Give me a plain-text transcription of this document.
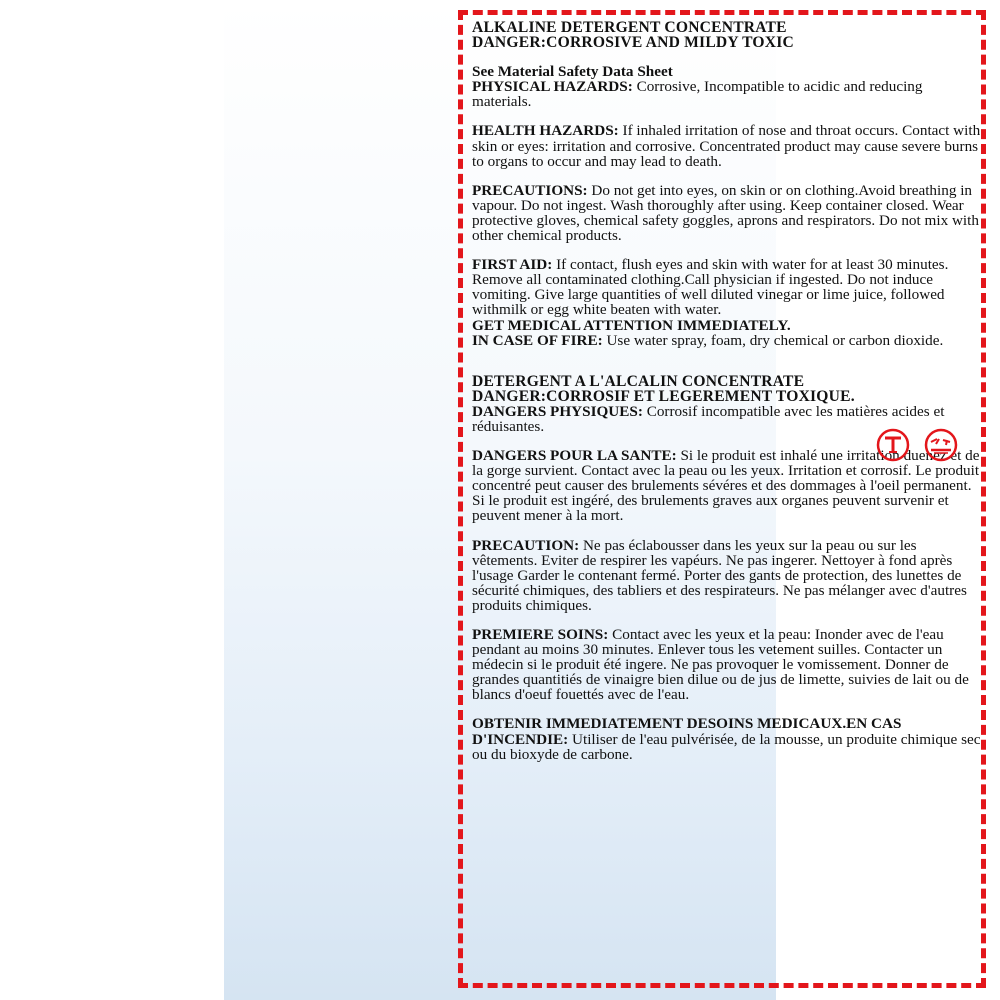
ALKALINE DETERGENT CONCENTRATE

DANGER:CORROSIVE AND MILDY TOXIC

See Material Safety Data Sheet

PHYSICAL HAZARDS: Corrosive, Incompatible to acidic and reducing materials.

HEALTH HAZARDS: If inhaled irritation of nose and throat occurs. Contact with skin or eyes: irritation and corrosive. Concentrated product may cause severe burns to organs to occur and may lead to death.

PRECAUTIONS: Do not get into eyes, on skin or on clothing.Avoid breathing in vapour. Do not ingest. Wash thoroughly after using. Keep container closed. Wear protective gloves, chemical safety goggles, aprons and respirators. Do not mix with other chemical products.

FIRST AID: If contact, flush eyes and skin with water for at least 30 minutes. Remove all contaminated clothing.Call physician if ingested. Do not induce vomiting. Give large quantities of well diluted vinegar or lime juice, followed withmilk or egg white beaten with water.

GET MEDICAL ATTENTION IMMEDIATELY.

IN CASE OF FIRE: Use water spray, foam, dry chemical or carbon dioxide.

DETERGENT A L'ALCALIN CONCENTRATE

DANGER:CORROSIF ET LEGEREMENT TOXIQUE.

DANGERS PHYSIQUES: Corrosif incompatible avec les matières acides et réduisantes.

DANGERS POUR LA SANTE: Si le produit est inhalé une irritation duenez et de la gorge survient. Contact avec la peau ou les yeux. Irritation et corrosif. Le produit concentré peut causer des brulements sévéres et des dommages à l'oeil permanent. Si le produit est ingéré, des brulements graves aux organes peuvent survenir et peuvent mener à la mort.

PRECAUTION: Ne pas éclabousser dans les yeux sur la peau ou sur les vêtements. Eviter de respirer les vapéurs. Ne pas ingerer. Nettoyer à fond après l'usage Garder le contenant fermé. Porter des gants de protection, des lunettes de sécurité chimiques, des tabliers et des respirateurs. Ne pas mélanger avec d'autres produits chimiques.

PREMIERE SOINS: Contact avec les yeux et la peau: Inonder avec de l'eau pendant au moins 30 minutes. Enlever tous les vetement suilles. Contacter un médecin si le produit été ingere. Ne pas provoquer le vomissement. Donner de grandes quantitiés de vinaigre bien dilue ou de jus de limette, suivies de lait ou de blancs d'oeuf fouettés avec de l'eau.

OBTENIR IMMEDIATEMENT DESOINS MEDICAUX.EN CAS D'INCENDIE: Utiliser de l'eau pulvérisée, de la mousse, un produite chimique sec ou du bioxyde de carbone.
